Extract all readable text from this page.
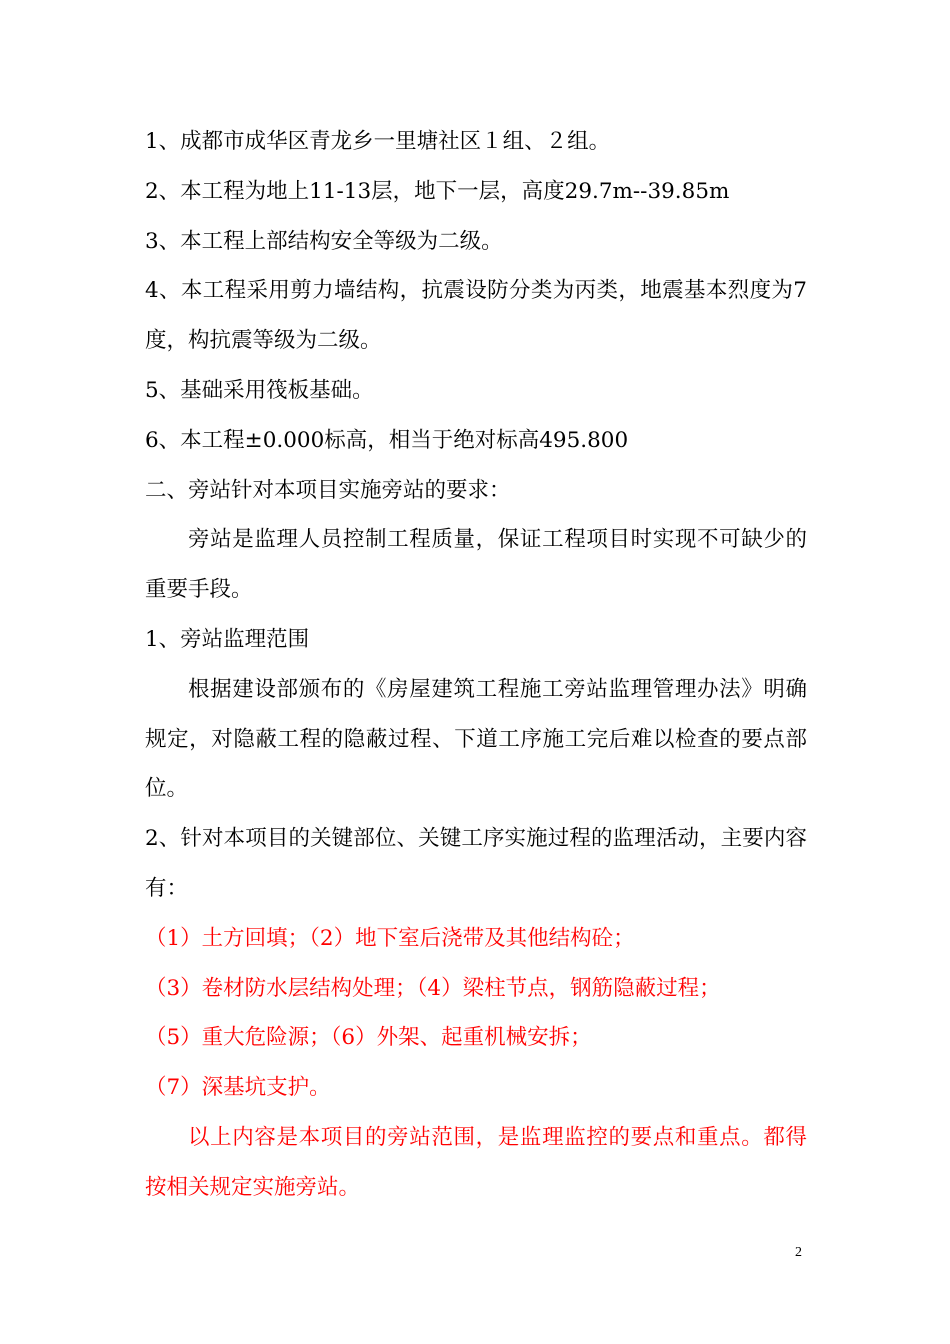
1、成都市成华区青龙乡一里塘社区１组、２组。

2、本工程为地上11-13层，地下一层，高度29.7m--39.85m

3、本工程上部结构安全等级为二级。

4、本工程采用剪力墙结构，抗震设防分类为丙类，地震基本烈度为7度，构抗震等级为二级。

5、基础采用筏板基础。

6、本工程±0.000标高，相当于绝对标高495.800

二、旁站针对本项目实施旁站的要求：

旁站是监理人员控制工程质量，保证工程项目时实现不可缺少的重要手段。

1、旁站监理范围

根据建设部颁布的《房屋建筑工程施工旁站监理管理办法》明确规定，对隐蔽工程的隐蔽过程、下道工序施工完后难以检查的要点部位。

2、针对本项目的关键部位、关键工序实施过程的监理活动，主要内容有：

（1）土方回填；（2）地下室后浇带及其他结构砼；

（3）卷材防水层结构处理；（4）梁柱节点，钢筋隐蔽过程；

（5）重大危险源；（6）外架、起重机械安拆；

（7）深基坑支护。

以上内容是本项目的旁站范围，是监理监控的要点和重点。都得按相关规定实施旁站。

2
